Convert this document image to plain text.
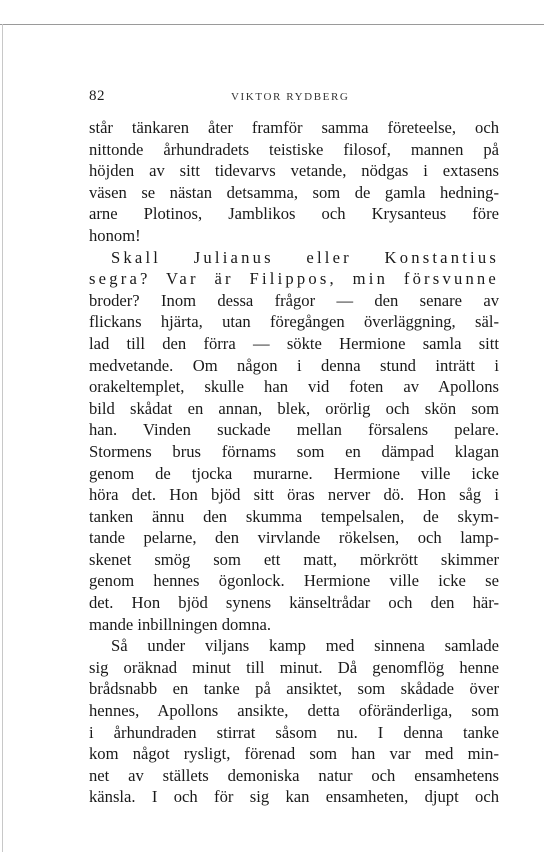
82	VIKTOR RYDBERG
står tänkaren åter framför samma företeelse, och
nittonde århundradets teistiske filosof, mannen på
höjden av sitt tidevarvs vetande, nödgas i extasens
väsen se nästan detsamma, som de gamla hedning-
arne Plotinos, Jamblikos och Krysanteus före
honom!
Skall Julianus eller Konstantius
segra? Var är Filippos, min försvunne
broder? Inom dessa frågor — den senare av
flickans hjärta, utan föregången överläggning, säl-
lad till den förra — sökte Hermione samla sitt
medvetande. Om någon i denna stund inträtt i
orakeltemplet, skulle han vid foten av Apollons
bild skådat en annan, blek, orörlig och skön som
han. Vinden suckade mellan försalens pelare.
Stormens brus förnams som en dämpad klagan
genom de tjocka murarne. Hermione ville icke
höra det. Hon bjöd sitt öras nerver dö. Hon såg i
tanken ännu den skumma tempelsalen, de skym-
tande pelarne, den virvlande rökelsen, och lamp-
skenet smög som ett matt, mörkrött skimmer
genom hennes ögonlock. Hermione ville icke se
det. Hon bjöd synens känseltrådar och den här-
mande inbillningen domna.
Så under viljans kamp med sinnena samlade
sig oräknad minut till minut. Då genomflög henne
brådsnabb en tanke på ansiktet, som skådade över
hennes, Apollons ansikte, detta oföränderliga, som
i århundraden stirrat såsom nu. I denna tanke
kom något rysligt, förenad som han var med min-
net av ställets demoniska natur och ensamhetens
känsla. I och för sig kan ensamheten, djupt och
